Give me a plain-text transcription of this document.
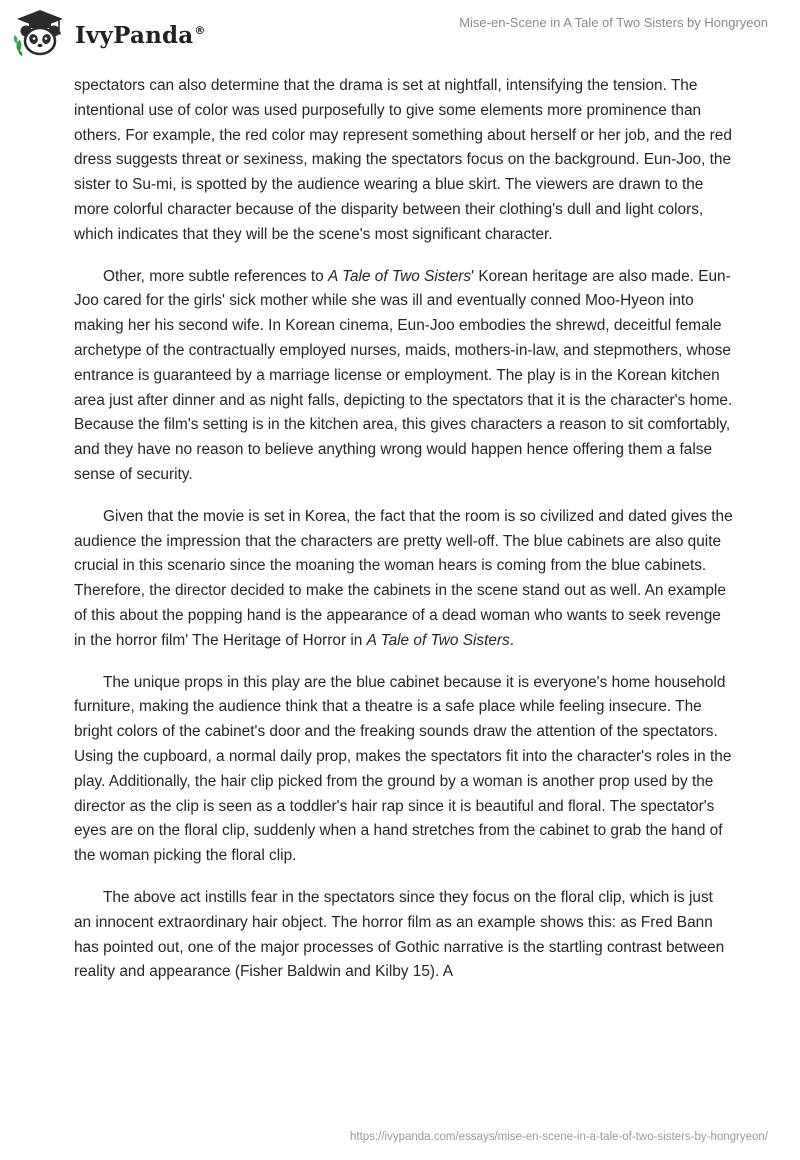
IvyPanda®
Mise-en-Scene in A Tale of Two Sisters by Hongryeon

spectators can also determine that the drama is set at nightfall, intensifying the tension. The intentional use of color was used purposefully to give some elements more prominence than others. For example, the red color may represent something about herself or her job, and the red dress suggests threat or sexiness, making the spectators focus on the background. Eun-Joo, the sister to Su-mi, is spotted by the audience wearing a blue skirt. The viewers are drawn to the more colorful character because of the disparity between their clothing's dull and light colors, which indicates that they will be the scene's most significant character.

Other, more subtle references to A Tale of Two Sisters' Korean heritage are also made. Eun-Joo cared for the girls' sick mother while she was ill and eventually conned Moo-Hyeon into making her his second wife. In Korean cinema, Eun-Joo embodies the shrewd, deceitful female archetype of the contractually employed nurses, maids, mothers-in-law, and stepmothers, whose entrance is guaranteed by a marriage license or employment. The play is in the Korean kitchen area just after dinner and as night falls, depicting to the spectators that it is the character's home. Because the film's setting is in the kitchen area, this gives characters a reason to sit comfortably, and they have no reason to believe anything wrong would happen hence offering them a false sense of security.

Given that the movie is set in Korea, the fact that the room is so civilized and dated gives the audience the impression that the characters are pretty well-off. The blue cabinets are also quite crucial in this scenario since the moaning the woman hears is coming from the blue cabinets. Therefore, the director decided to make the cabinets in the scene stand out as well. An example of this about the popping hand is the appearance of a dead woman who wants to seek revenge in the horror film' The Heritage of Horror in A Tale of Two Sisters.

The unique props in this play are the blue cabinet because it is everyone's home household furniture, making the audience think that a theatre is a safe place while feeling insecure. The bright colors of the cabinet's door and the freaking sounds draw the attention of the spectators. Using the cupboard, a normal daily prop, makes the spectators fit into the character's roles in the play. Additionally, the hair clip picked from the ground by a woman is another prop used by the director as the clip is seen as a toddler's hair rap since it is beautiful and floral. The spectator's eyes are on the floral clip, suddenly when a hand stretches from the cabinet to grab the hand of the woman picking the floral clip.

The above act instills fear in the spectators since they focus on the floral clip, which is just an innocent extraordinary hair object. The horror film as an example shows this: as Fred Bann has pointed out, one of the major processes of Gothic narrative is the startling contrast between reality and appearance (Fisher Baldwin and Kilby 15). A

https://ivypanda.com/essays/mise-en-scene-in-a-tale-of-two-sisters-by-hongryeon/
